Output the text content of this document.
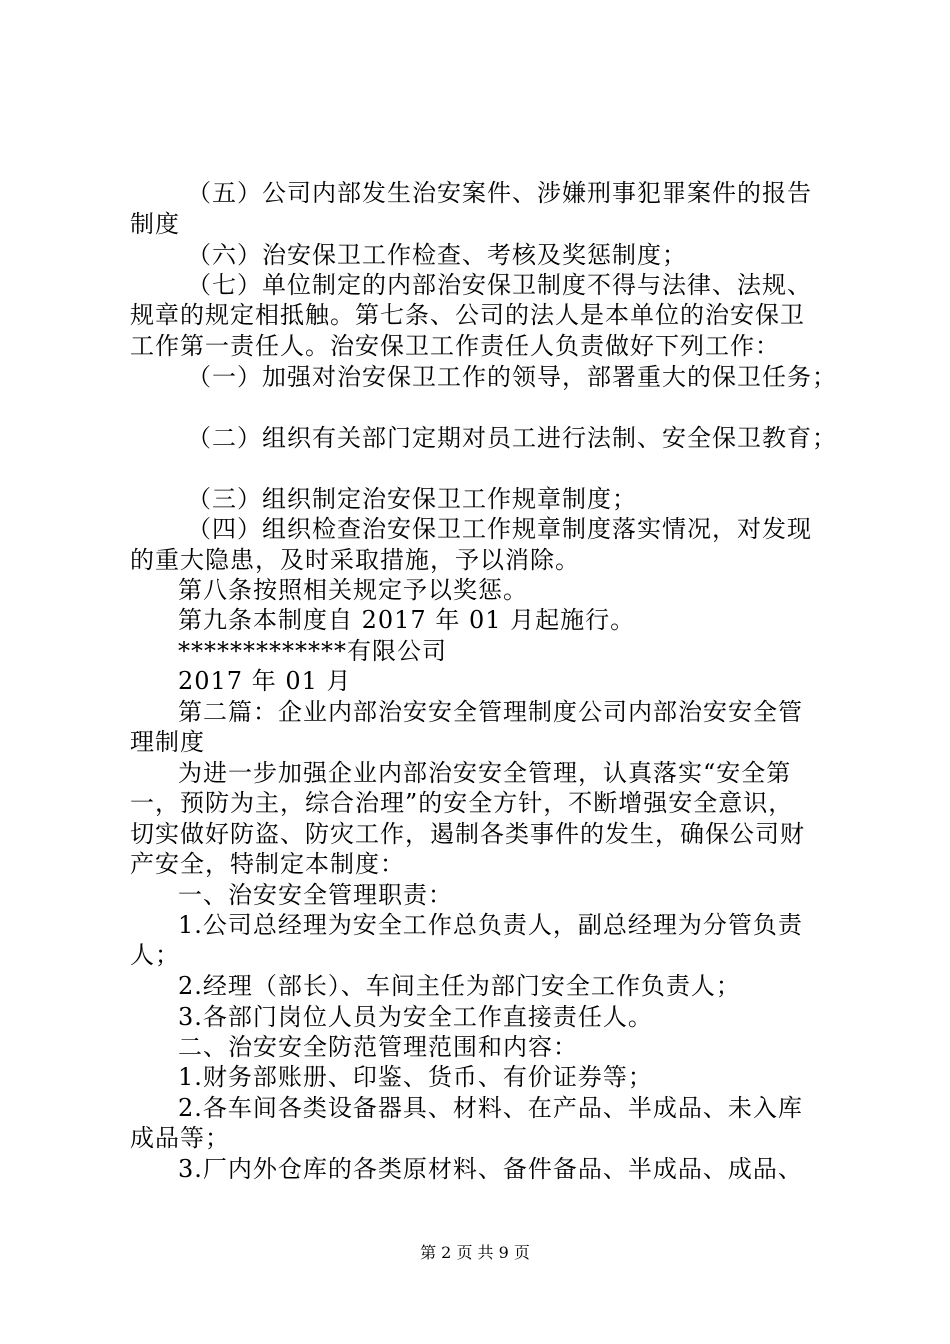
（五）公司内部发生治安案件、涉嫌刑事犯罪案件的报告
制度
（六）治安保卫工作检查、考核及奖惩制度；
（七）单位制定的内部治安保卫制度不得与法律、法规、
规章的规定相抵触。第七条、公司的法人是本单位的治安保卫
工作第一责任人。治安保卫工作责任人负责做好下列工作：
（一）加强对治安保卫工作的领导，部署重大的保卫任务；
（二）组织有关部门定期对员工进行法制、安全保卫教育；
（三）组织制定治安保卫工作规章制度；
（四）组织检查治安保卫工作规章制度落实情况，对发现
的重大隐患，及时采取措施，予以消除。
第八条按照相关规定予以奖惩。
第九条本制度自 2017 年 01 月起施行。
*************有限公司
2017 年 01 月
第二篇：企业内部治安安全管理制度公司内部治安安全管
理制度
为进一步加强企业内部治安安全管理，认真落实“安全第
一，预防为主，综合治理”的安全方针，不断增强安全意识，
切实做好防盗、防灾工作，遏制各类事件的发生，确保公司财
产安全，特制定本制度：
一、治安安全管理职责：
1.公司总经理为安全工作总负责人，副总经理为分管负责
人；
2.经理（部长）、车间主任为部门安全工作负责人；
3.各部门岗位人员为安全工作直接责任人。
二、治安安全防范管理范围和内容：
1.财务部账册、印鉴、货币、有价证券等；
2.各车间各类设备器具、材料、在产品、半成品、未入库
成品等；
3.厂内外仓库的各类原材料、备件备品、半成品、成品、
第 2 页 共 9 页
